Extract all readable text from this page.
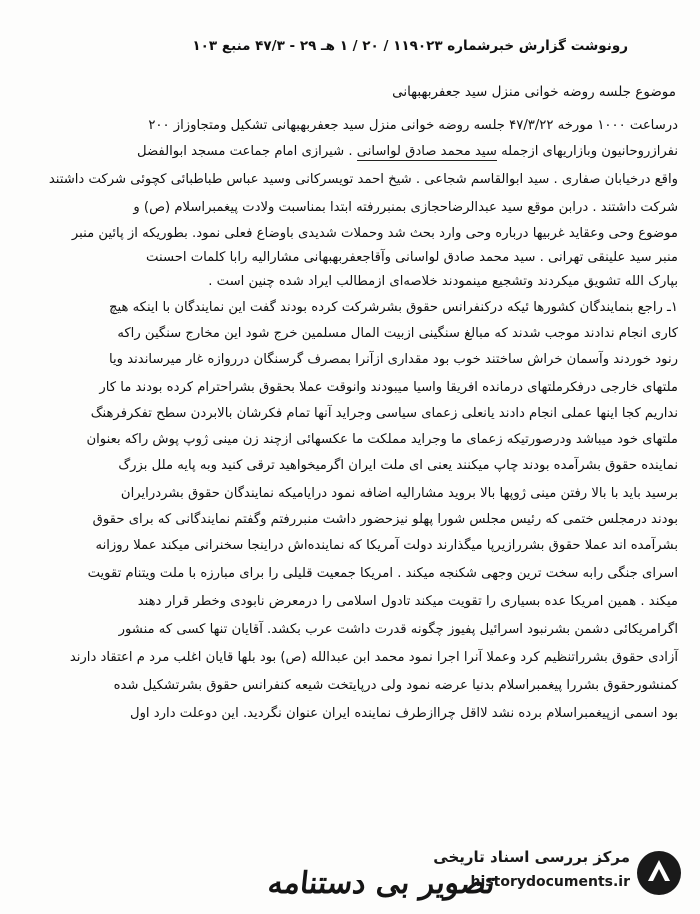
رونوشت گزارش خبرشماره ۱۱۹۰۲۳ / ۲۰ / ۱ هـ ۲۹ - ۴۷/۳ منبع ۱۰۳
موضوع جلسه روضه خوانی منزل سید جعفربهبهانی
درساعت ۱۰۰۰ مورخه ۴۷/۳/۲۲ جلسه روضه خوانی منزل سید جعفربهبهانی تشکیل ومتجاوزاز ۲۰۰
نفرازروحانیون وبازاریهای ازجمله سید محمد صادق لواسانی . شیرازی امام جماعت مسجد ابوالفضل
واقع درخیابان صفاری . سید ابوالقاسم شجاعی . شیخ احمد تویسرکانی وسید عباس طباطبائی کچوئی شرکت داشتند
شرکت داشتند . درابن موقع سید عبدالرضاحجازی بمنبررفته ابتدا بمناسبت ولادت پیغمبراسلام (ص) و
موضوع وحی وعقاید غربیها درباره وحی وارد بحث شد وحملات شدیدی باوضاع فعلی نمود. بطوریکه از پائین منبر
منبر سید علینقی تهرانی . سید محمد صادق لواسانی وآقاجعفربهبهانی مشارالیه رابا کلمات احسنت
بپارک الله تشویق میکردند وتشجیع مینمودند خلاصه‌ای ازمطالب ایراد شده چنین است .
۱ـ راجع بنمایندگان کشورها ئیکه درکنفرانس حقوق بشرشرکت کرده بودند گفت این نمایندگان با اینکه هیچ
کاری انجام ندادند موجب شدند که مبالغ سنگینی ازبیت المال مسلمین خرج شود این مخارج سنگین راکه
رنود خوردند وآسمان خراش ساختند خوب بود مقداری ازآنرا بمصرف گرسنگان درروازه غار میرساندند ویا
ملتهای خارجی درفکرملتهای درمانده افریقا واسیا میبودند وانوقت عملا بحقوق بشراحترام کرده بودند ما کار
نداریم کجا اینها عملی انجام دادند یانعلی زعمای سیاسی وجراید آنها تمام فکرشان بالابردن سطح تفکرفرهنگ
ملتهای خود میباشد ودرصورتیکه زعمای ما وجراید مملکت ما عکسهائی ازچند زن مینی ژوپ پوش راکه بعنوان
نماینده حقوق بشرآمده بودند چاپ میکنند یعنی ای ملت ایران اگرمیخواهید ترقی کنید وبه پایه ملل بزرگ
برسید باید با بالا رفتن مینی ژوپها بالا بروید مشارالیه اضافه نمود درایامیکه نمایندگان حقوق بشردرایران
بودند درمجلس ختمی که رئیس مجلس شورا پهلو نیزحضور داشت منبررفتم وگفتم نمایندگانی که برای حقوق
بشرآمده اند عملا حقوق بشررازیرپا میگذارند دولت آمریکا که نماینده‌اش دراینجا سخنرانی میکند عملا روزانه
اسرای جنگی رابه سخت ترین وجهی شکنجه میکند . امریکا جمعیت قلیلی را برای مبارزه با ملت ویتنام تقویت
میکند . همین امریکا عده بسیاری را تقویت میکند تادول اسلامی را درمعرض نابودی وخطر قرار دهند
اگرامریکائی دشمن بشرنبود اسرائیل پفیوز چگونه قدرت داشت عرب بکشد. آقایان تنها کسی که منشور
آزادی حقوق بشرراتنظیم کرد وعملا آنرا اجرا نمود محمد ابن عبدالله (ص) بود بلها قایان اغلب مرد م اعتقاد دارند
کمنشورحقوق بشررا پیغمبراسلام بدنیا عرضه نمود ولی درپایتخت شیعه کنفرانس حقوق بشرتشکیل شده
بود اسمی ازپیغمبراسلام برده نشد لااقل چراازطرف نماینده ایران عنوان نگردید. این دوعلت دارد اول
تصویر بی دستنامه
مرکز بررسی اسناد تاریخی
historydocuments.ir
